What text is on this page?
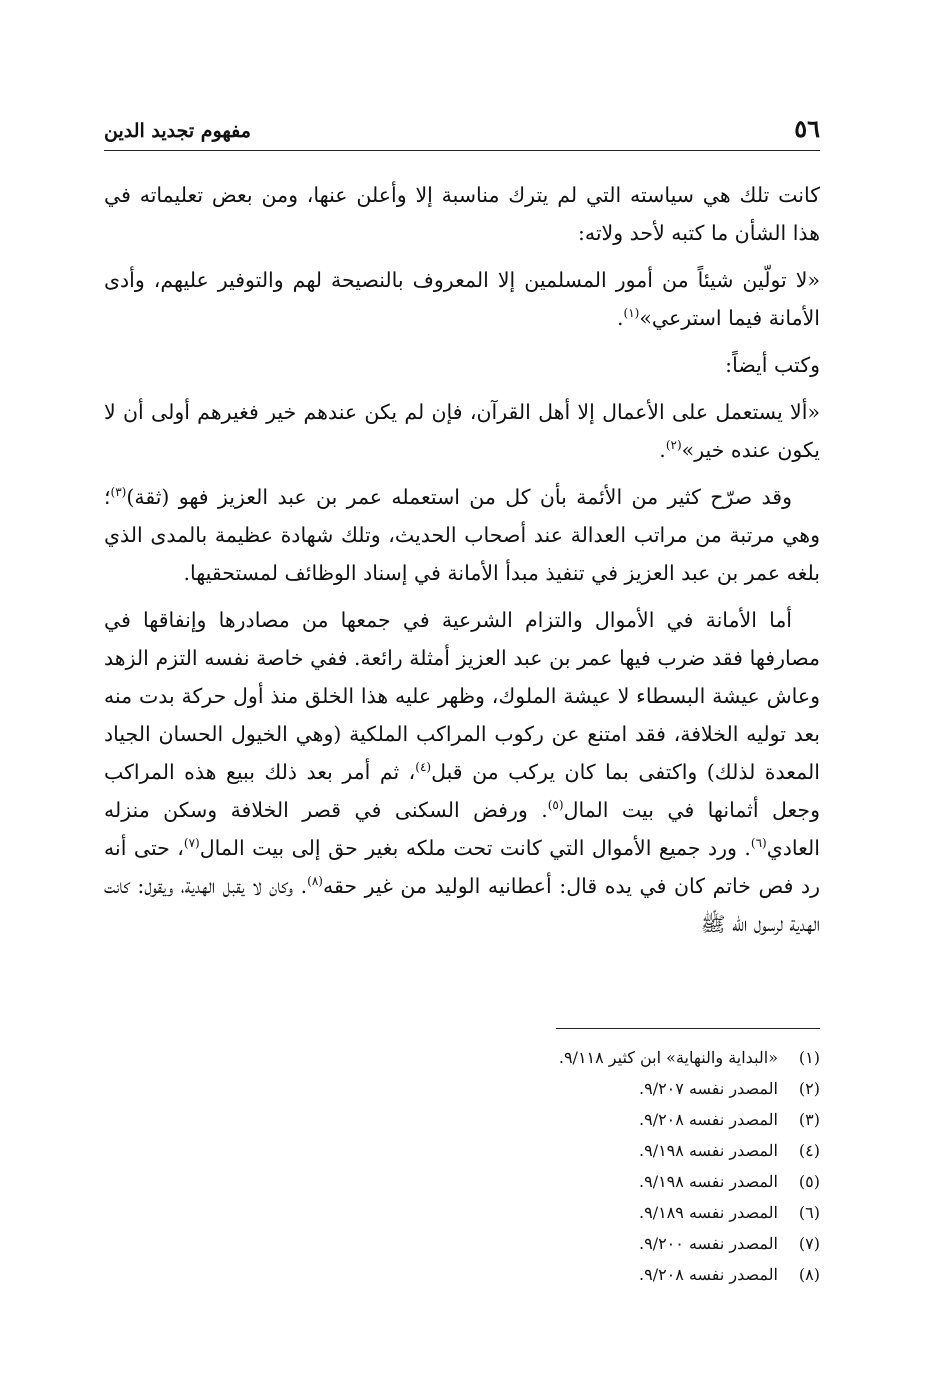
٥٦
مفهوم تجديد الدين

كانت تلك هي سياسته التي لم يترك مناسبة إلا وأعلن عنها، ومن بعض تعليماته في هذا الشأن ما كتبه لأحد ولاته:

«لا تولّين شيئاً من أمور المسلمين إلا المعروف بالنصيحة لهم والتوفير عليهم، وأدى الأمانة فيما استرعي»$^{(١)}$.

وكتب أيضاً:

«ألا يستعمل على الأعمال إلا أهل القرآن، فإن لم يكن عندهم خير فغيرهم أولى أن لا يكون عنده خير»$^{(٢)}$.

وقد صرّح كثير من الأئمة بأن كل من استعمله عمر بن عبد العزيز فهو (ثقة)$^{(٣)}$؛ وهي مرتبة من مراتب العدالة عند أصحاب الحديث، وتلك شهادة عظيمة بالمدى الذي بلغه عمر بن عبد العزيز في تنفيذ مبدأ الأمانة في إسناد الوظائف لمستحقيها.

أما الأمانة في الأموال والتزام الشرعية في جمعها من مصادرها وإنفاقها في مصارفها فقد ضرب فيها عمر بن عبد العزيز أمثلة رائعة. ففي خاصة نفسه التزم الزهد وعاش عيشة البسطاء لا عيشة الملوك، وظهر عليه هذا الخلق منذ أول حركة بدت منه بعد توليه الخلافة، فقد امتنع عن ركوب المراكب الملكية (وهي الخيول الحسان الجياد المعدة لذلك) واكتفى بما كان يركب من قبل$^{(٤)}$، ثم أمر بعد ذلك ببيع هذه المراكب وجعل أثمانها في بيت المال$^{(٥)}$. ورفض السكنى في قصر الخلافة وسكن منزله العادي$^{(٦)}$. ورد جميع الأموال التي كانت تحت ملكه بغير حق إلى بيت المال$^{(٧)}$، حتى أنه رد فص خاتم كان في يده قال: أعطانيه الوليد من غير حقه$^{(٨)}$. وكان لا يقبل الهدية، ويقول: كانت الهدية لرسول الله ﷺ

(١)«البداية والنهاية» ابن كثير ٩/١١٨.
(٢)المصدر نفسه ٩/٢٠٧.
(٣)المصدر نفسه ٩/٢٠٨.
(٤)المصدر نفسه ٩/١٩٨.
(٥)المصدر نفسه ٩/١٩٨.
(٦)المصدر نفسه ٩/١٨٩.
(٧)المصدر نفسه ٩/٢٠٠.
(٨)المصدر نفسه ٩/٢٠٨.
